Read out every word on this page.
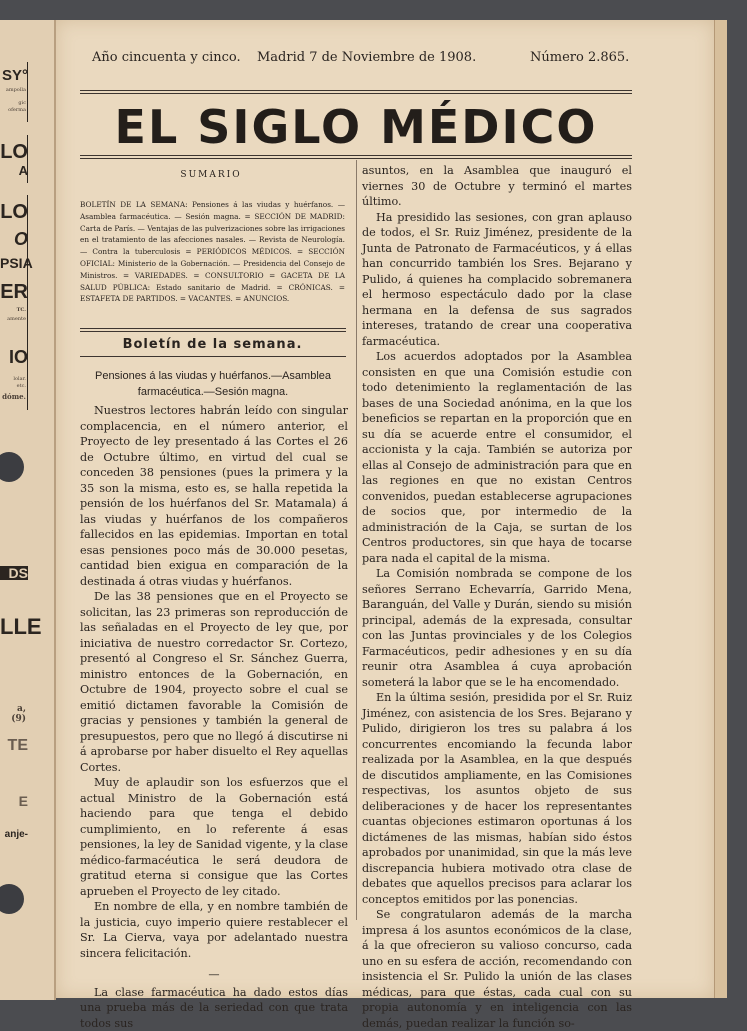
SY°
ampolla
gic
oferma
LO
A
LO
O
PSIA
ER
TC.
amente
IO
lolar.
etc.
dóme.
DS
LLE
a, (9)
TE
E
anje-
Año cincuenta y cinco. Madrid 7 de Noviembre de 1908.	Número 2.865.
EL SIGLO MÉDICO
SUMARIO
BOLETÍN DE LA SEMANA: Pensiones á las viudas y huérfanos. — Asamblea farmacéutica. — Sesión magna. = SECCIÓN DE MADRID: Carta de París. — Ventajas de las pulverizaciones sobre las irrigaciones en el tratamiento de las afecciones nasales. — Revista de Neurología. — Contra la tuberculosis = PERIÓDICOS MÉDICOS. = SECCIÓN OFICIAL: Ministerio de la Gobernación. — Presidencia del Consejo de Ministros. = VARIEDADES. = CONSULTORIO = GACETA DE LA SALUD PÚBLICA: Estado sanitario de Madrid. = CRÓNICAS. = ESTAFETA DE PARTIDOS. = VACANTES. = ANUNCIOS.
Boletín de la semana.
Pensiones á las viudas y huérfanos.—Asamblea farmacéutica.—Sesión magna.

Nuestros lectores habrán leído con singular complacencia, en el número anterior, el Proyecto de ley presentado á las Cortes el 26 de Octubre último, en virtud del cual se conceden 38 pensiones (pues la primera y la 35 son la misma, esto es, se halla repetida la pensión de los huérfanos del Sr. Matamala) á las viudas y huérfanos de los compañeros fallecidos en las epidemias. Importan en total esas pensiones poco más de 30.000 pesetas, cantidad bien exigua en comparación de la destinada á otras viudas y huérfanos.

De las 38 pensiones que en el Proyecto se solicitan, las 23 primeras son reproducción de las señaladas en el Proyecto de ley que, por iniciativa de nuestro corredactor Sr. Cortezo, presentó al Congreso el Sr. Sánchez Guerra, ministro entonces de la Gobernación, en Octubre de 1904, proyecto sobre el cual se emitió dictamen favorable la Comisión de gracias y pensiones y también la general de presupuestos, pero que no llegó á discutirse ni á aprobarse por haber disuelto el Rey aquellas Cortes.

Muy de aplaudir son los esfuerzos que el actual Ministro de la Gobernación está haciendo para que tenga el debido cumplimiento, en lo referente á esas pensiones, la ley de Sanidad vigente, y la clase médico-farmacéutica le será deudora de gratitud eterna si consigue que las Cortes aprueben el Proyecto de ley citado.

En nombre de ella, y en nombre también de la justicia, cuyo imperio quiere restablecer el Sr. La Cierva, vaya por adelantado nuestra sincera felicitación.

—

La clase farmacéutica ha dado estos días una prueba más de la seriedad con que trata todos sus

asuntos, en la Asamblea que inauguró el viernes 30 de Octubre y terminó el martes último.

Ha presidido las sesiones, con gran aplauso de todos, el Sr. Ruiz Jiménez, presidente de la Junta de Patronato de Farmacéuticos, y á ellas han concurrido también los Sres. Bejarano y Pulido, á quienes ha complacido sobremanera el hermoso espectáculo dado por la clase hermana en la defensa de sus sagrados intereses, tratando de crear una cooperativa farmacéutica.

Los acuerdos adoptados por la Asamblea consisten en que una Comisión estudie con todo detenimiento la reglamentación de las bases de una Sociedad anónima, en la que los beneficios se repartan en la proporción que en su día se acuerde entre el consumidor, el accionista y la caja. También se autoriza por ellas al Consejo de administración para que en las regiones en que no existan Centros convenidos, puedan establecerse agrupaciones de socios que, por intermedio de la administración de la Caja, se surtan de los Centros productores, sin que haya de tocarse para nada el capital de la misma.

La Comisión nombrada se compone de los señores Serrano Echevarría, Garrido Mena, Baranguán, del Valle y Durán, siendo su misión principal, además de la expresada, consultar con las Juntas provinciales y de los Colegios Farmacéuticos, pedir adhesiones y en su día reunir otra Asamblea á cuya aprobación someterá la labor que se le ha encomendado.

En la última sesión, presidida por el Sr. Ruiz Jiménez, con asistencia de los Sres. Bejarano y Pulido, dirigieron los tres su palabra á los concurrentes encomiando la fecunda labor realizada por la Asamblea, en la que después de discutidos ampliamente, en las Comisiones respectivas, los asuntos objeto de sus deliberaciones y de hacer los representantes cuantas objeciones estimaron oportunas á los dictámenes de las mismas, habían sido éstos aprobados por unanimidad, sin que la más leve discrepancia hubiera motivado otra clase de debates que aquellos precisos para aclarar los conceptos emitidos por las ponencias.

Se congratularon además de la marcha impresa á los asuntos económicos de la clase, á la que ofrecieron su valioso concurso, cada uno en su esfera de acción, recomendando con insistencia el Sr. Pulido la unión de las clases médicas, para que éstas, cada cual con su propia autonomía y en inteligencia con las demás, puedan realizar la función so-
